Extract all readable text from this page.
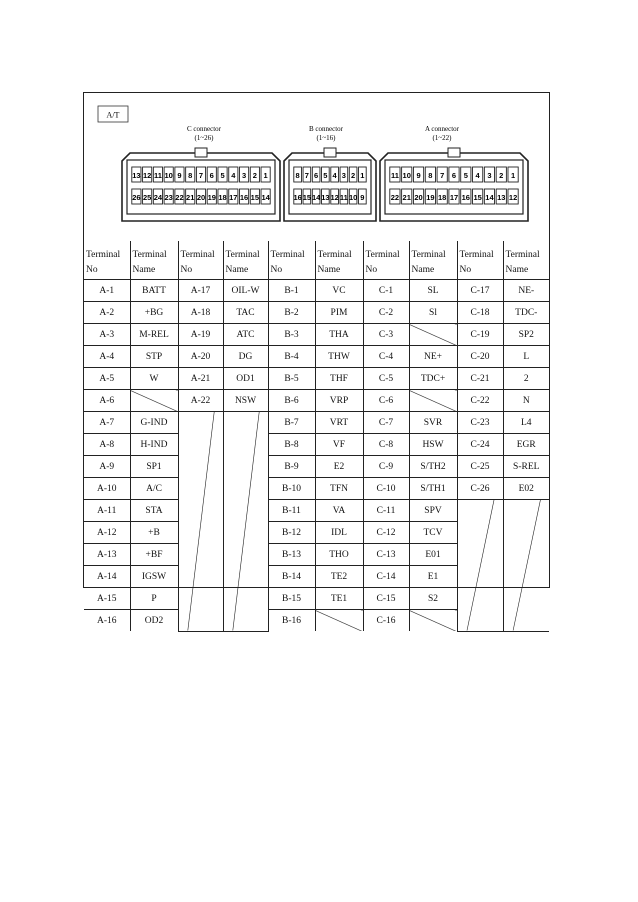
A/T
C connector
(1~26)
13 12 11 10 9 8 7 6 5 4 3 2 1
26 25 24 23 22 21 20 19 18 17 16 15 14
B connector
(1~16)
8 7 6 5 4 3 2 1
16 15 14 13 12 11 10 9
A connector
(1~22)
11 10 9 8 7 6 5 4 3 2 1
22 21 20 19 18 17 16 15 14 13 12
Terminal	Terminal	Terminal	Terminal	Terminal	Terminal	Terminal	Terminal	Terminal	Terminal
No	Name	No	Name	No	Name	No	Name	No	Name
A-1	BATT	A-17	OIL-W	B-1	VC	C-1	SL	C-17	NE-
A-2	+BG	A-18	TAC	B-2	PIM	C-2	Sl	C-18	TDC-
A-3	M-REL	A-19	ATC	B-3	THA	C-3		C-19	SP2
A-4	STP	A-20	DG	B-4	THW	C-4	NE+	C-20	L
A-5	W	A-21	OD1	B-5	THF	C-5	TDC+	C-21	2
A-6		A-22	NSW	B-6	VRP	C-6		C-22	N
A-7	G-IND			B-7	VRT	C-7	SVR	C-23	L4
A-8	H-IND			B-8	VF	C-8	HSW	C-24	EGR
A-9	SP1			B-9	E2	C-9	S/TH2	C-25	S-REL
A-10	A/C			B-10	TFN	C-10	S/TH1	C-26	E02
A-11	STA			B-11	VA	C-11	SPV	

A-12	+B			B-12	IDL	C-12	TCV		
A-13	+BF			B-13	THO	C-13	E01		
A-14	IGSW			B-14	TE2	C-14	E1		
A-15	P			B-15	TE1	C-15	S2		
A-16	OD2			B-16		C-16			
